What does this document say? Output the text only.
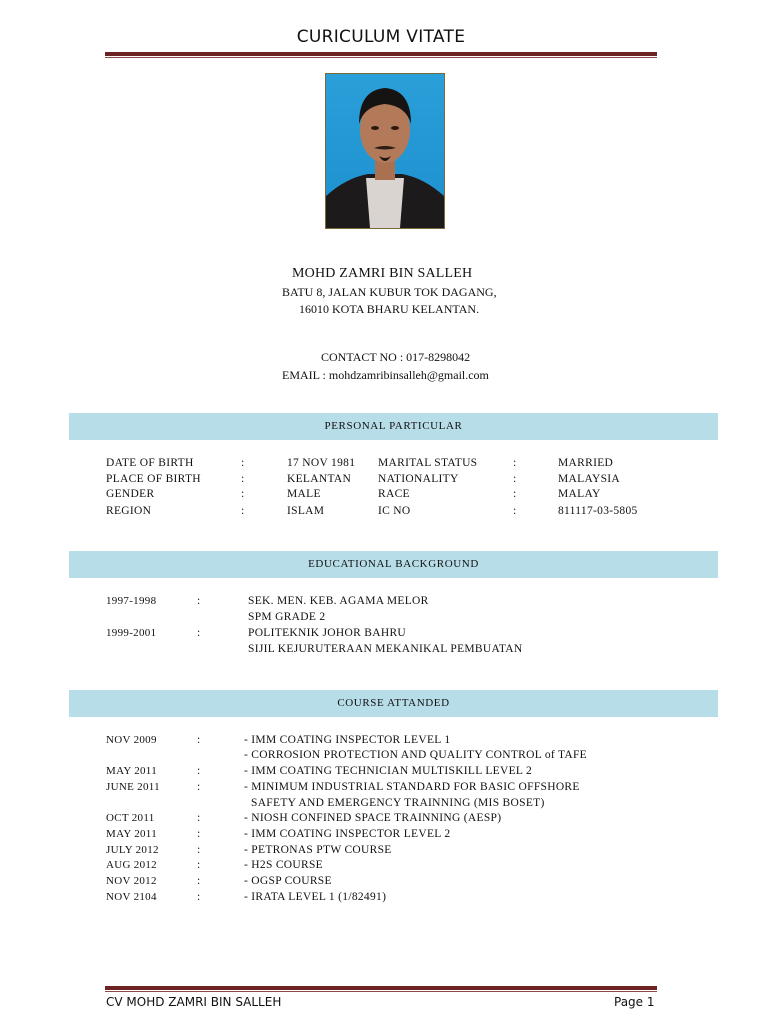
CURICULUM VITATE
MOHD ZAMRI BIN SALLEH
BATU 8, JALAN KUBUR TOK DAGANG,
16010 KOTA BHARU KELANTAN.
CONTACT NO : 017-8298042
EMAIL : mohdzamribinsalleh@gmail.com
PERSONAL PARTICULAR
DATE OF BIRTH	:	17 NOV 1981 MARITAL STATUS	:	MARRIED
PLACE OF BIRTH	:	KELANTAN NATIONALITY	:	MALAYSIA
GENDER	:	MALE	RACE	:	MALAY
REGION	:	ISLAM	IC NO	:	811117-03-5805
EDUCATIONAL BACKGROUND
1997-1998	:	SEK. MEN. KEB. AGAMA MELOR
SPM GRADE 2
1999-2001	:	POLITEKNIK JOHOR BAHRU
SIJIL KEJURUTERAAN MEKANIKAL PEMBUATAN
COURSE ATTANDED
NOV 2009	:	- IMM COATING INSPECTOR LEVEL 1
- CORROSION PROTECTION AND QUALITY CONTROL of TAFE
MAY 2011	:	- IMM COATING TECHNICIAN MULTISKILL LEVEL 2
JUNE 2011	:	- MINIMUM INDUSTRIAL STANDARD FOR BASIC OFFSHORE
SAFETY AND EMERGENCY TRAINNING (MIS BOSET)
OCT 2011	:	- NIOSH CONFINED SPACE TRAINNING (AESP)
MAY 2011	:	- IMM COATING INSPECTOR LEVEL 2
JULY 2012	:	- PETRONAS PTW COURSE
AUG 2012	:	- H2S COURSE
NOV 2012	:	- OGSP COURSE
NOV 2104	:	- IRATA LEVEL 1 (1/82491)
CV MOHD ZAMRI BIN SALLEH	Page 1
